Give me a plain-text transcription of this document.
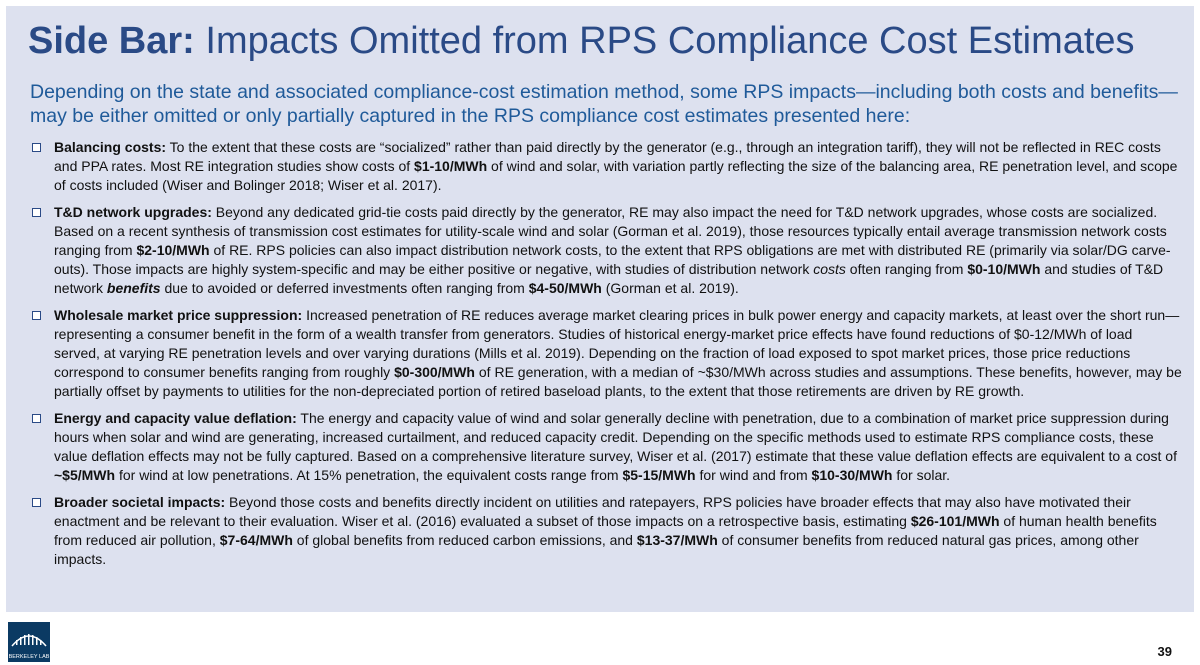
Side Bar: Impacts Omitted from RPS Compliance Cost Estimates
Depending on the state and associated compliance-cost estimation method, some RPS impacts—including both costs and benefits—may be either omitted or only partially captured in the RPS compliance cost estimates presented here:
Balancing costs: To the extent that these costs are “socialized” rather than paid directly by the generator (e.g., through an integration tariff), they will not be reflected in REC costs and PPA rates. Most RE integration studies show costs of $1-10/MWh of wind and solar, with variation partly reflecting the size of the balancing area, RE penetration level, and scope of costs included (Wiser and Bolinger 2018; Wiser et al. 2017).
T&D network upgrades: Beyond any dedicated grid-tie costs paid directly by the generator, RE may also impact the need for T&D network upgrades, whose costs are socialized. Based on a recent synthesis of transmission cost estimates for utility-scale wind and solar (Gorman et al. 2019), those resources typically entail average transmission network costs ranging from $2-10/MWh of RE. RPS policies can also impact distribution network costs, to the extent that RPS obligations are met with distributed RE (primarily via solar/DG carve-outs). Those impacts are highly system-specific and may be either positive or negative, with studies of distribution network costs often ranging from $0-10/MWh and studies of T&D network benefits due to avoided or deferred investments often ranging from $4-50/MWh (Gorman et al. 2019).
Wholesale market price suppression: Increased penetration of RE reduces average market clearing prices in bulk power energy and capacity markets, at least over the short run—representing a consumer benefit in the form of a wealth transfer from generators. Studies of historical energy-market price effects have found reductions of $0-12/MWh of load served, at varying RE penetration levels and over varying durations (Mills et al. 2019). Depending on the fraction of load exposed to spot market prices, those price reductions correspond to consumer benefits ranging from roughly $0-300/MWh of RE generation, with a median of ~$30/MWh across studies and assumptions. These benefits, however, may be partially offset by payments to utilities for the non-depreciated portion of retired baseload plants, to the extent that those retirements are driven by RE growth.
Energy and capacity value deflation: The energy and capacity value of wind and solar generally decline with penetration, due to a combination of market price suppression during hours when solar and wind are generating, increased curtailment, and reduced capacity credit. Depending on the specific methods used to estimate RPS compliance costs, these value deflation effects may not be fully captured. Based on a comprehensive literature survey, Wiser et al. (2017) estimate that these value deflation effects are equivalent to a cost of ~$5/MWh for wind at low penetrations. At 15% penetration, the equivalent costs range from $5-15/MWh for wind and from $10-30/MWh for solar.
Broader societal impacts: Beyond those costs and benefits directly incident on utilities and ratepayers, RPS policies have broader effects that may also have motivated their enactment and be relevant to their evaluation. Wiser et al. (2016) evaluated a subset of those impacts on a retrospective basis, estimating $26-101/MWh of human health benefits from reduced air pollution, $7-64/MWh of global benefits from reduced carbon emissions, and $13-37/MWh of consumer benefits from reduced natural gas prices, among other impacts.
BERKELEY LAB	39
